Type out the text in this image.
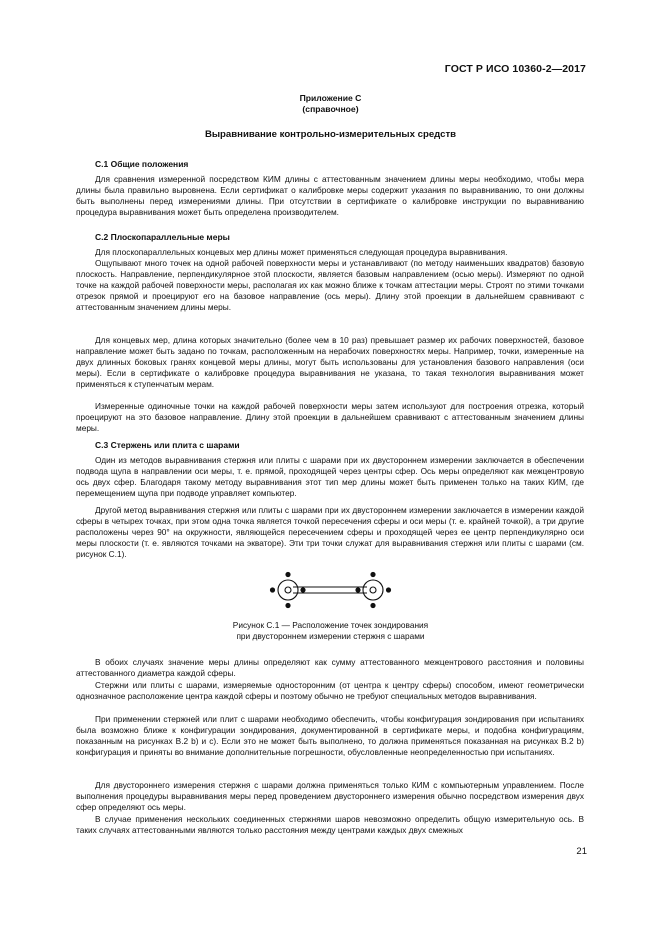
ГОСТ Р ИСО 10360-2—2017
Приложение С
(справочное)
Выравнивание контрольно-измерительных средств
С.1 Общие положения

Для сравнения измеренной посредством КИМ длины с аттестованным значением длины меры необходимо, чтобы мера длины была правильно выровнена. Если сертификат о калибровке меры содержит указания по выравниванию, то они должны быть выполнены перед измерениями длины. При отсутствии в сертификате о калибровке инструкции по выравниванию процедура выравнивания может быть определена производителем.

С.2 Плоскопараллельные меры

Для плоскопараллельных концевых мер длины может применяться следующая процедура выравнивания.

Ощупывают много точек на одной рабочей поверхности меры и устанавливают (по методу наименьших квадратов) базовую плоскость. Направление, перпендикулярное этой плоскости, является базовым направлением (осью меры). Измеряют по одной точке на каждой рабочей поверхности меры, располагая их как можно ближе к точкам аттестации меры. Строят по этими точками отрезок прямой и проецируют его на базовое направление (ось меры). Длину этой проекции в дальнейшем сравнивают с аттестованным значением длины меры.

Для концевых мер, длина которых значительно (более чем в 10 раз) превышает размер их рабочих поверхностей, базовое направление может быть задано по точкам, расположенным на нерабочих поверхностях меры. Например, точки, измеренные на двух длинных боковых гранях концевой меры длины, могут быть использованы для установления базового направления (оси меры). Если в сертификате о калибровке процедура выравнивания не указана, то такая технология выравнивания может применяться к ступенчатым мерам.

Измеренные одиночные точки на каждой рабочей поверхности меры затем используют для построения отрезка, который проецируют на это базовое направление. Длину этой проекции в дальнейшем сравнивают с аттестованным значением длины меры.

С.3 Стержень или плита с шарами

Один из методов выравнивания стержня или плиты с шарами при их двустороннем измерении заключается в обеспечении подвода щупа в направлении оси меры, т. е. прямой, проходящей через центры сфер. Ось меры определяют как межцентровую ось двух сфер. Благодаря такому методу выравнивания этот тип мер длины может быть применен только на таких КИМ, где перемещением щупа при подводе управляет компьютер.

Другой метод выравнивания стержня или плиты с шарами при их двустороннем измерении заключается в измерении каждой сферы в четырех точках, при этом одна точка является точкой пересечения сферы и оси меры (т. е. крайней точкой), а три другие расположены через 90° на окружности, являющейся пересечением сферы и проходящей через ее центр перпендикулярно оси меры плоскости (т. е. являются точками на экваторе). Эти три точки служат для выравнивания стержня или плиты с шарами (см. рисунок С.1).

Рисунок С.1 — Расположение точек зондирования
при двустороннем измерении стержня с шарами

В обоих случаях значение меры длины определяют как сумму аттестованного межцентрового расстояния и половины аттестованного диаметра каждой сферы.

Стержни или плиты с шарами, измеряемые односторонним (от центра к центру сферы) способом, имеют геометрически однозначное расположение центра каждой сферы и поэтому обычно не требуют специальных методов выравнивания.

При применении стержней или плит с шарами необходимо обеспечить, чтобы конфигурация зондирования при испытаниях была возможно ближе к конфигурации зондирования, документированной в сертификате меры, и подобна конфигурациям, показанным на рисунках В.2 b) и с). Если это не может быть выполнено, то должна применяться показанная на рисунках В.2 b) конфигурация и приняты во внимание дополнительные погрешности, обусловленные неопределенностью при испытаниях.

Для двустороннего измерения стержня с шарами должна применяться только КИМ с компьютерным управлением. После выполнения процедуры выравнивания меры перед проведением двустороннего измерения обычно посредством измерения двух сфер определяют ось меры.

В случае применения нескольких соединенных стержнями шаров невозможно определить общую измерительную ось. В таких случаях аттестованными являются только расстояния между центрами каждых двух смежных

21
